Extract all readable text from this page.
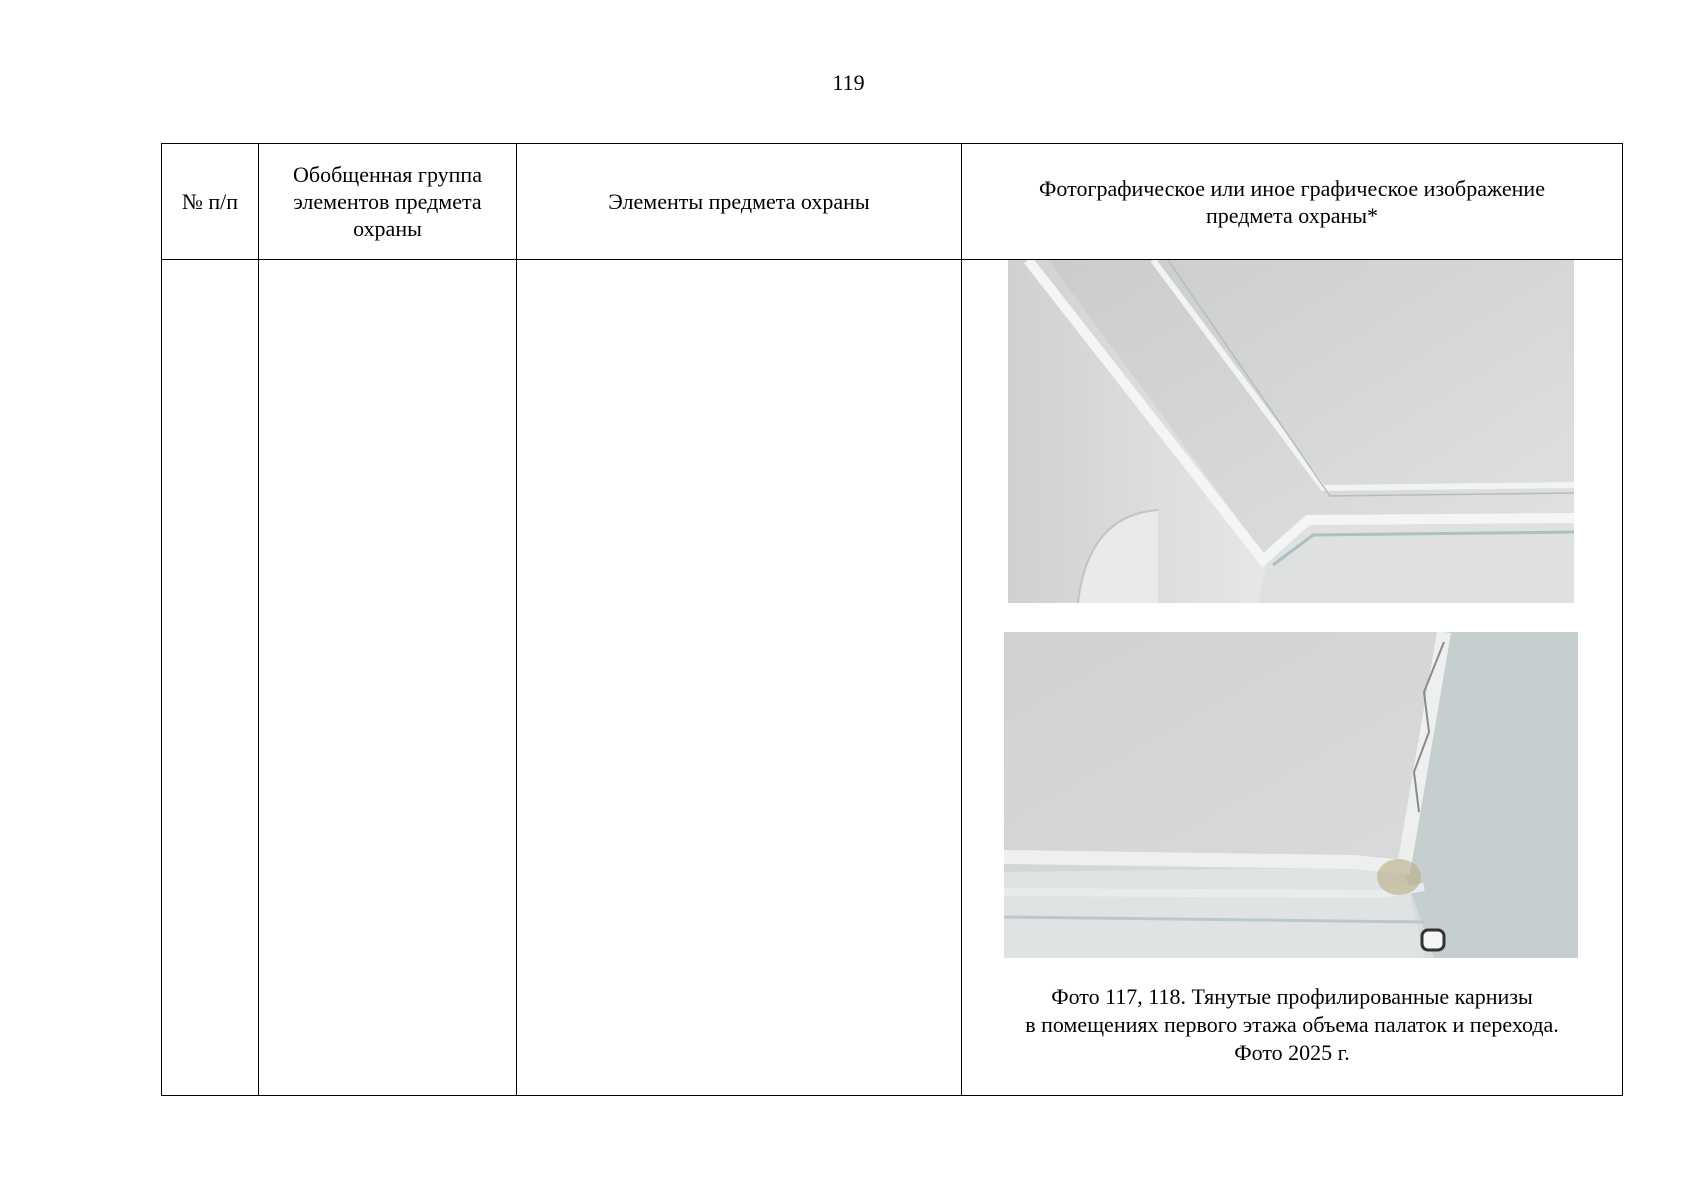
119
№ п/п	Обобщенная группа элементов предмета охраны	Элементы предмета охраны	Фотографическое или иное графическое изображение предмета охраны*

			Фото 117, 118. Тянутые профилированные карнизы
в помещениях первого этажа объема палаток и перехода.
Фото 2025 г.
